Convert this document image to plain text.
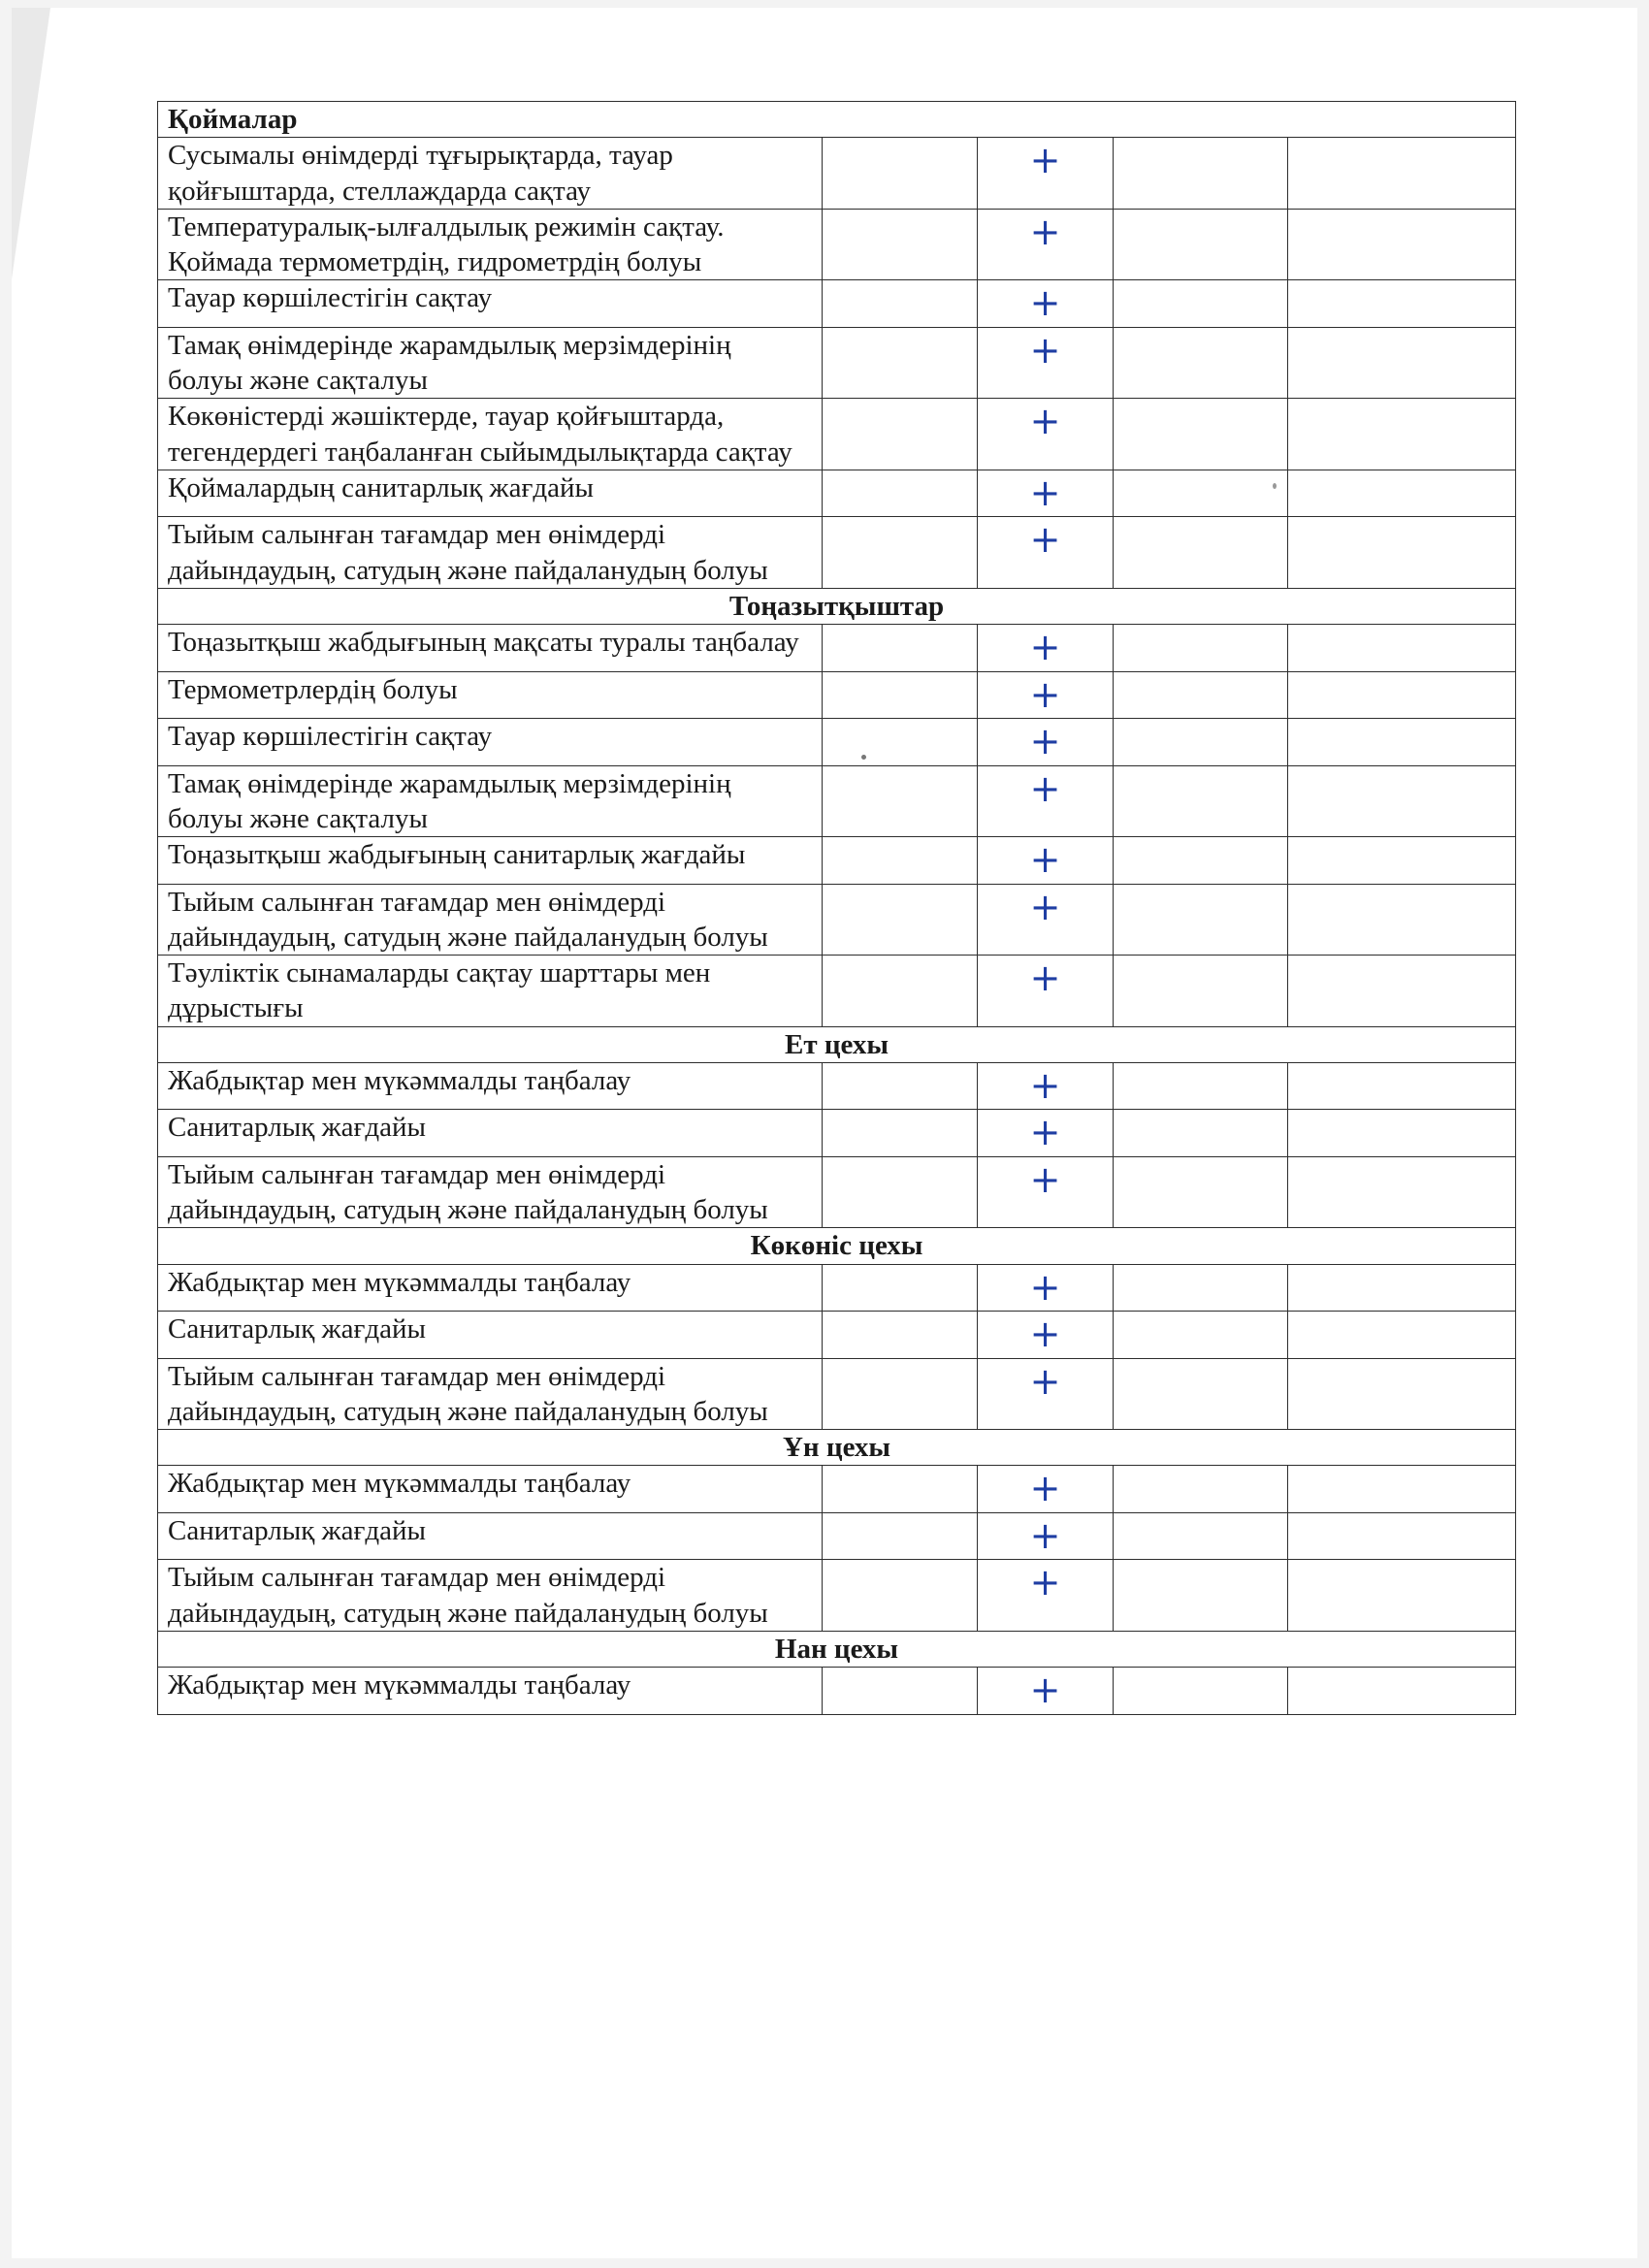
Қоймалар				
Сусымалы өнімдерді тұғырықтарда, тауар қойғыштарда, стеллаждарда сақтау		+		
Температуралық-ылғалдылық режимін сақтау. Қоймада термометрдің, гидрометрдің болуы		+		
Тауар көршілестігін сақтау		+		
Тамақ өнімдерінде жарамдылық мерзімдерінің болуы және сақталуы		+		
Көкөністерді жәшіктерде, тауар қойғыштарда, тегендердегі таңбаланған сыйымдылықтарда сақтау		+		
Қоймалардың санитарлық жағдайы		+		
Тыйым салынған тағамдар мен өнімдерді дайындаудың, сатудың және пайдаланудың болуы		+		
Тоңазытқыштар				
Тоңазытқыш жабдығының мақсаты туралы таңбалау		+		
Термометрлердің болуы		+		
Тауар көршілестігін сақтау		+		
Тамақ өнімдерінде жарамдылық мерзімдерінің болуы және сақталуы		+		
Тоңазытқыш жабдығының санитарлық жағдайы		+		
Тыйым салынған тағамдар мен өнімдерді дайындаудың, сатудың және пайдаланудың болуы		+		
Тәуліктік сынамаларды сақтау шарттары мен дұрыстығы		+		
Ет цехы				
Жабдықтар мен мүкәммалды таңбалау		+		
Санитарлық жағдайы		+		
Тыйым салынған тағамдар мен өнімдерді дайындаудың, сатудың және пайдаланудың болуы		+		
Көкөніс цехы				
Жабдықтар мен мүкәммалды таңбалау		+		
Санитарлық жағдайы		+		
Тыйым салынған тағамдар мен өнімдерді дайындаудың, сатудың және пайдаланудың болуы		+		
Ұн цехы				
Жабдықтар мен мүкәммалды таңбалау		+		
Санитарлық жағдайы		+		
Тыйым салынған тағамдар мен өнімдерді дайындаудың, сатудың және пайдаланудың болуы		+		
Нан цехы				
Жабдықтар мен мүкәммалды таңбалау		+		
